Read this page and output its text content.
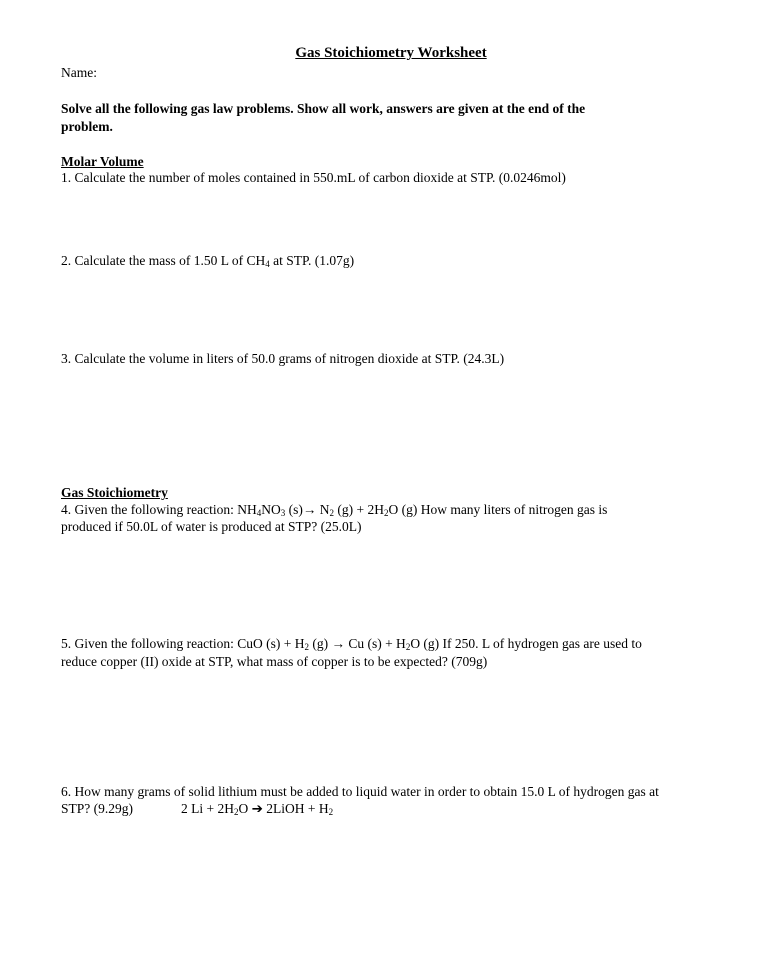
Gas Stoichiometry Worksheet
Name:
Solve all the following gas law problems. Show all work, answers are given at the end of the
problem.
Molar Volume
1. Calculate the number of moles contained in 550.mL of carbon dioxide at STP. (0.0246mol)
2. Calculate the mass of 1.50 L of $CH_4$ at STP. (1.07g)
3. Calculate the volume in liters of 50.0 grams of nitrogen dioxide at STP. (24.3L)
Gas Stoichiometry
4. Given the following reaction: $NH_4NO_3$ $(s)\to N_2$ $(g) + 2H_2O$ (g) How many liters of nitrogen gas is
produced if 50.0L of water is produced at STP? (25.0L)
5. Given the following reaction: CuO $(s) + H_2$ (g) → Cu $(s) + H_2O$ (g) If 250. L of hydrogen gas are used to
reduce copper (II) oxide at STP, what mass of copper is to be expected? (709g)
6. How many grams of solid lithium must be added to liquid water in order to obtain 15.0 L of hydrogen gas at
STP? (9.29g)	2 $Li + 2H_2O$ ➔ 2LiOH + $H_2$
